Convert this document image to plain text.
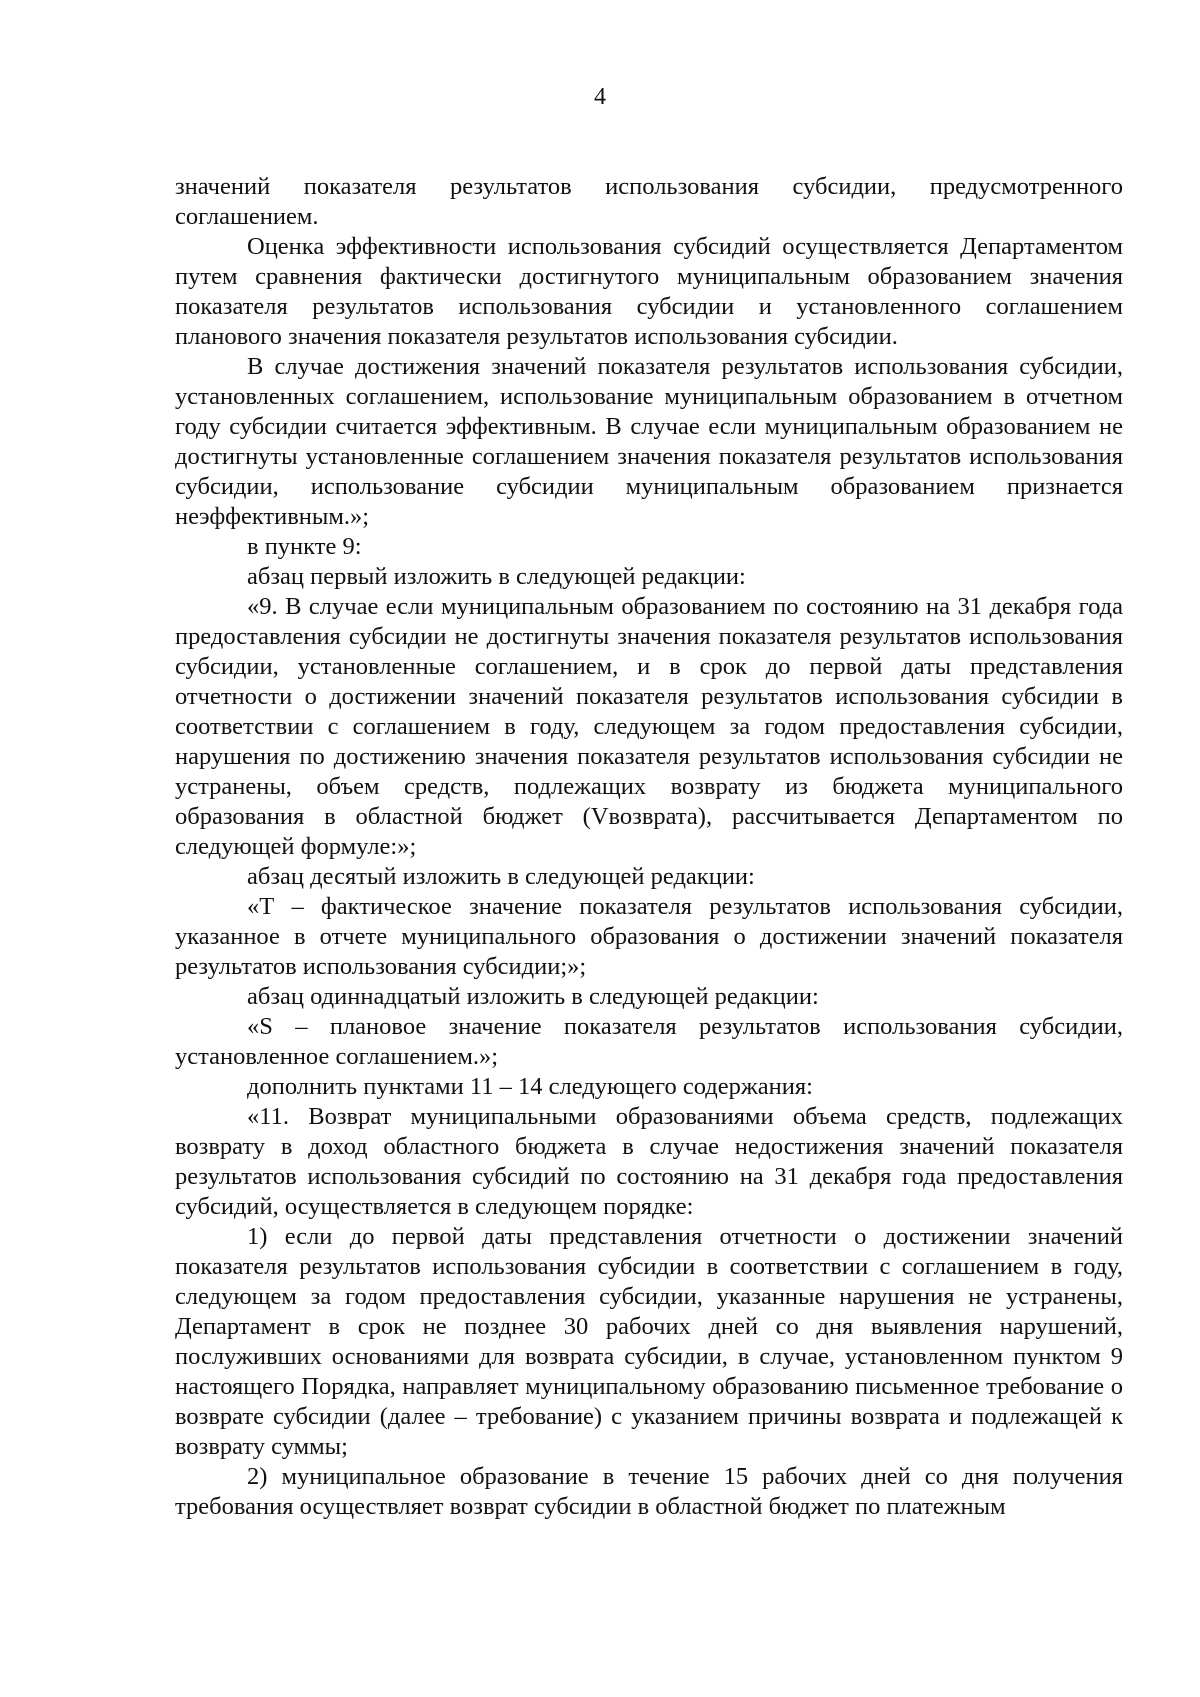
4

значений показателя результатов использования субсидии, предусмотренного соглашением.

Оценка эффективности использования субсидий осуществляется Департаментом путем сравнения фактически достигнутого муниципальным образованием значения показателя результатов использования субсидии и установленного соглашением планового значения показателя результатов использования субсидии.

В случае достижения значений показателя результатов использования субсидии, установленных соглашением, использование муниципальным образованием в отчетном году субсидии считается эффективным. В случае если муниципальным образованием не достигнуты установленные соглашением значения показателя результатов использования субсидии, использование субсидии муниципальным образованием признается неэффективным.»;

в пункте 9:

абзац первый изложить в следующей редакции:

«9. В случае если муниципальным образованием по состоянию на 31 декабря года предоставления субсидии не достигнуты значения показателя результатов использования субсидии, установленные соглашением, и в срок до первой даты представления отчетности о достижении значений показателя результатов использования субсидии в соответствии с соглашением в году, следующем за годом предоставления субсидии, нарушения по достижению значения показателя результатов использования субсидии не устранены, объем средств, подлежащих возврату из бюджета муниципального образования в областной бюджет (Vвозврата), рассчитывается Департаментом по следующей формуле:»;

абзац десятый изложить в следующей редакции:

«Т – фактическое значение показателя результатов использования субсидии, указанное в отчете муниципального образования о достижении значений показателя результатов использования субсидии;»;

абзац одиннадцатый изложить в следующей редакции:

«S – плановое значение показателя результатов использования субсидии, установленное соглашением.»;

дополнить пунктами 11 – 14 следующего содержания:

«11. Возврат муниципальными образованиями объема средств, подлежащих возврату в доход областного бюджета в случае недостижения значений показателя результатов использования субсидий по состоянию на 31 декабря года предоставления субсидий, осуществляется в следующем порядке:

1) если до первой даты представления отчетности о достижении значений показателя результатов использования субсидии в соответствии с соглашением в году, следующем за годом предоставления субсидии, указанные нарушения не устранены, Департамент в срок не позднее 30 рабочих дней со дня выявления нарушений, послуживших основаниями для возврата субсидии, в случае, установленном пунктом 9 настоящего Порядка, направляет муниципальному образованию письменное требование о возврате субсидии (далее – требование) с указанием причины возврата и подлежащей к возврату суммы;

2) муниципальное образование в течение 15 рабочих дней со дня получения требования осуществляет возврат субсидии в областной бюджет по платежным
